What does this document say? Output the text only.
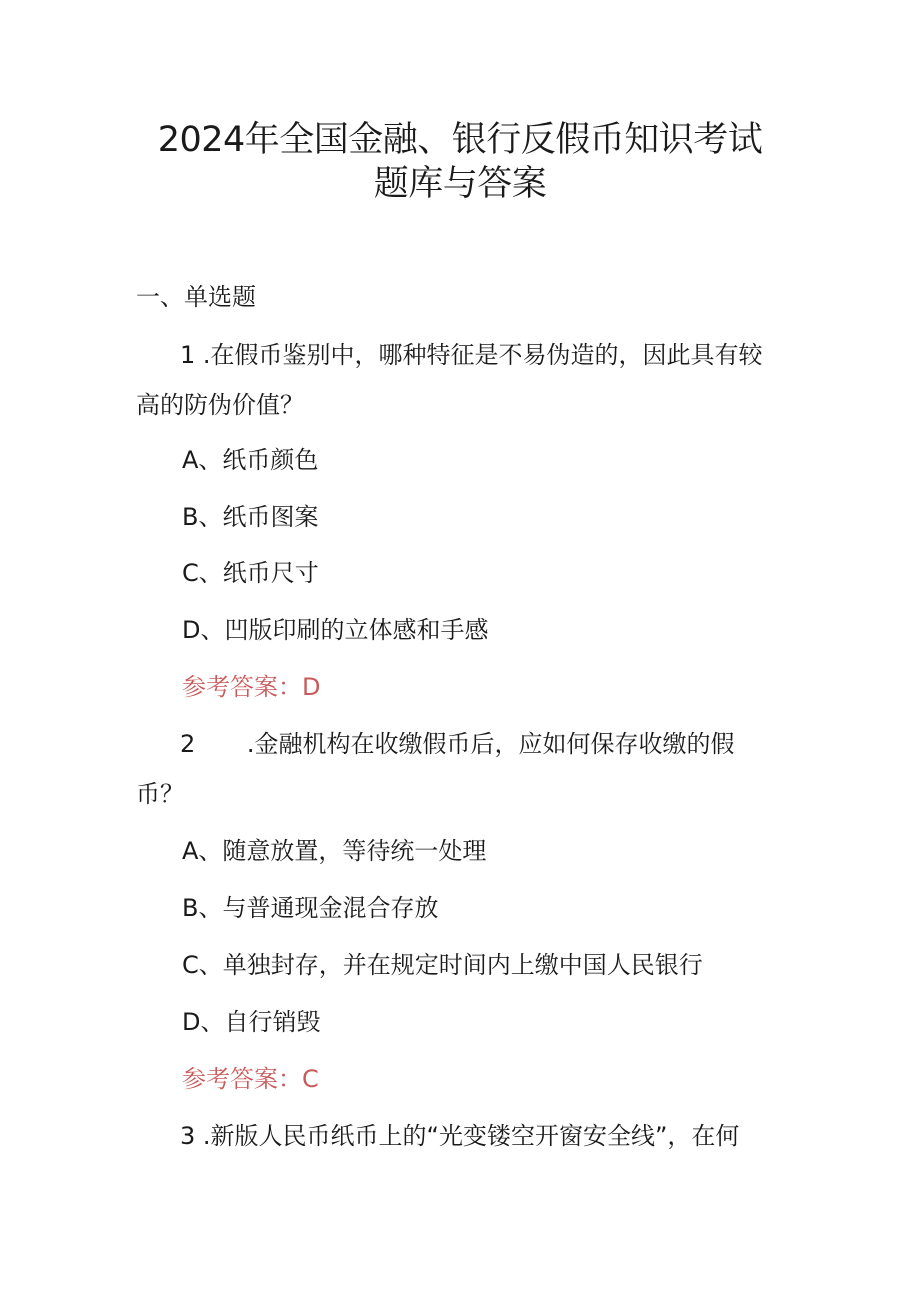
2024年全国金融、银行反假币知识考试
题库与答案
一、单选题
1 .在假币鉴别中，哪种特征是不易伪造的，因此具有较
高的防伪价值？
A、纸币颜色
B、纸币图案
C、纸币尺寸
D、凹版印刷的立体感和手感
参考答案：D
2 .金融机构在收缴假币后，应如何保存收缴的假
币？
A、随意放置，等待统一处理
B、与普通现金混合存放
C、单独封存，并在规定时间内上缴中国人民银行
D、自行销毁
参考答案：C
3 .新版人民币纸币上的“光变镂空开窗安全线”，在何
